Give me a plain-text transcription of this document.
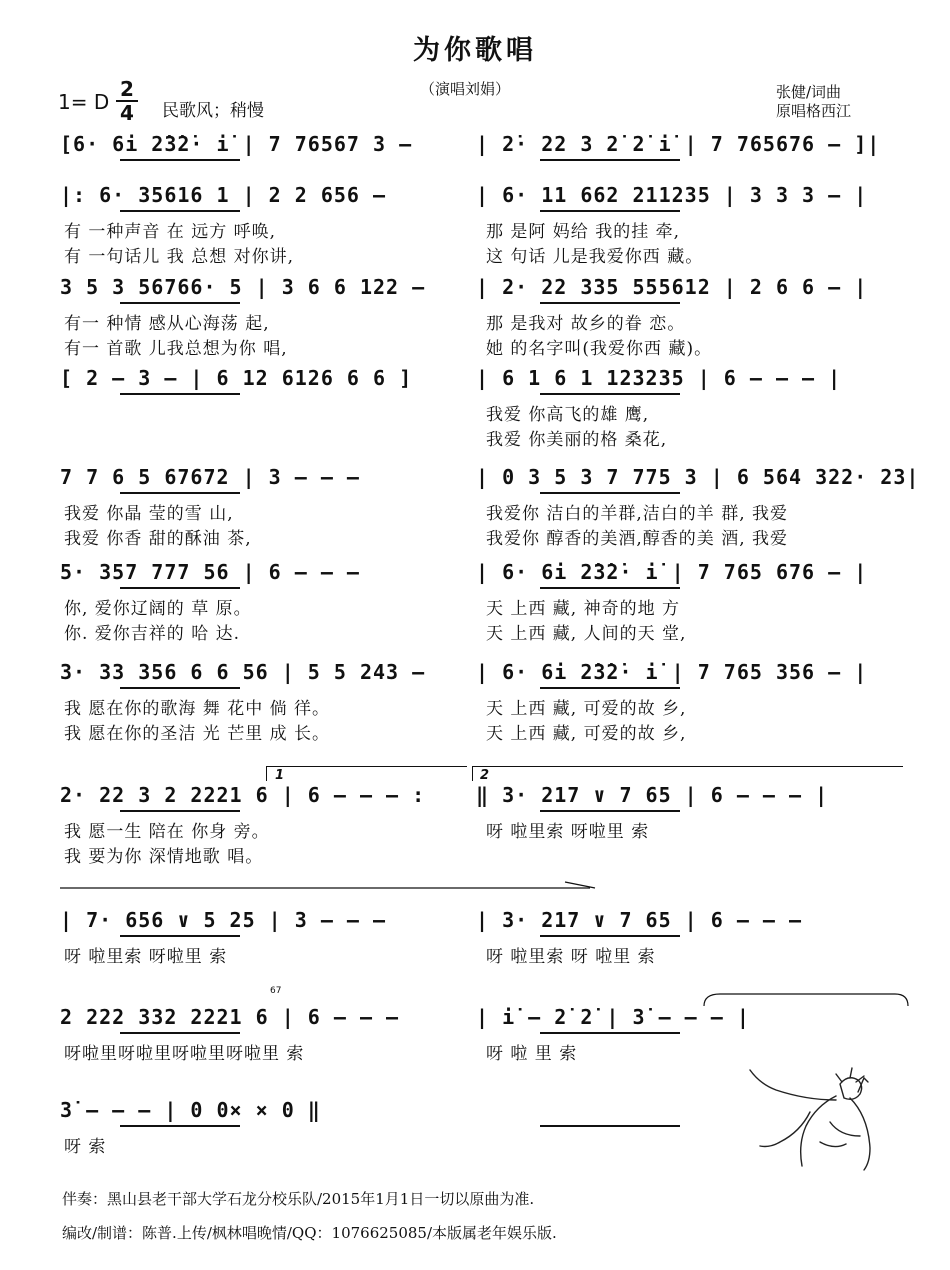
为你歌唱
1= D
2
4 民歌风；稍慢
（演唱刘娟）	张健/词曲
原唱格西江
[6· 6i 2̇3̇2̇· i̇ | 7 76567 3 –	| 2̇· 22 3 2̇ 2̇ i̇ | 7 765676 – ]|
|: 6· 35616 1 | 2 2 656 –	| 6· 11 662 211235 | 3 3 3 – |
有 一种声音 在 远方 呼唤,
有 一句话儿 我 总想 对你讲,
那 是阿 妈给 我的挂 牵,
这 句话 儿是我爱你西 藏。
3 5 3 56766· 5 | 3 6 6 122 –	| 2· 22 335 555612 | 2 6 6 – |
有一 种情 感从心海荡 起,
有一 首歌 儿我总想为你 唱,
那 是我对 故乡的眷 恋。
她 的名字叫(我爱你西 藏)。
[ 2 – 3 – | 6 12 6126 6 6 ]	| 6 1 6 1 123235 | 6 – – – |
我爱 你高飞的雄 鹰,
我爱 你美丽的格 桑花,
7 7 6 5 67672 | 3 – – –	| 0 3 5 3 7 775 3 | 6 564 322· 23|
我爱 你晶 莹的雪 山,
我爱 你香 甜的酥油 茶,
我爱你 洁白的羊群,洁白的羊 群, 我爱
我爱你 醇香的美酒,醇香的美 酒, 我爱
5· 357 777 56 | 6 – – –	| 6· 6i 2̇3̇2̇· i̇ | 7 765 676 – |
你, 爱你辽阔的 草 原。
你. 爱你吉祥的 哈 达.
天 上西 藏, 神奇的地 方
天 上西 藏, 人间的天 堂,
3· 33 356 6 6 56 | 5 5 243 –	| 6· 6i 2̇3̇2̇· i̇ | 7 765 356 – |
我 愿在你的歌海 舞 花中 倘 徉。
我 愿在你的圣洁 光 芒里 成 长。
天 上西 藏, 可爱的故 乡,
天 上西 藏, 可爱的故 乡,
2· 22 3 2 2221 6 | 6 – – – :	‖ 3· 217 ∨ 7 65 | 6 – – – |
我 愿一生 陪在 你身 旁。
我 要为你 深情地歌 唱。
呀 啦里索 呀啦里 索
| 7· 656 ∨ 5 25 | 3 – – –	| 3· 217 ∨ 7 65 | 6 – – –
呀 啦里索 呀啦里 索	呀 啦里索 呀 啦里 索
2 222 332 2221 6 | 6 – – –	| i̇ – 2̇ 2̇ | 3̇ – – – |
呀啦里呀啦里呀啦里呀啦里 索	呀 啦 里 索
3̇ – – – | 0 0× × 0 ‖
呀 索
1	2
67
伴奏：黑山县老干部大学石龙分校乐队/2015年1月1日一切以原曲为准.
编改/制谱：陈普.上传/枫林唱晚情/QQ：1076625085/本版属老年娱乐版.
